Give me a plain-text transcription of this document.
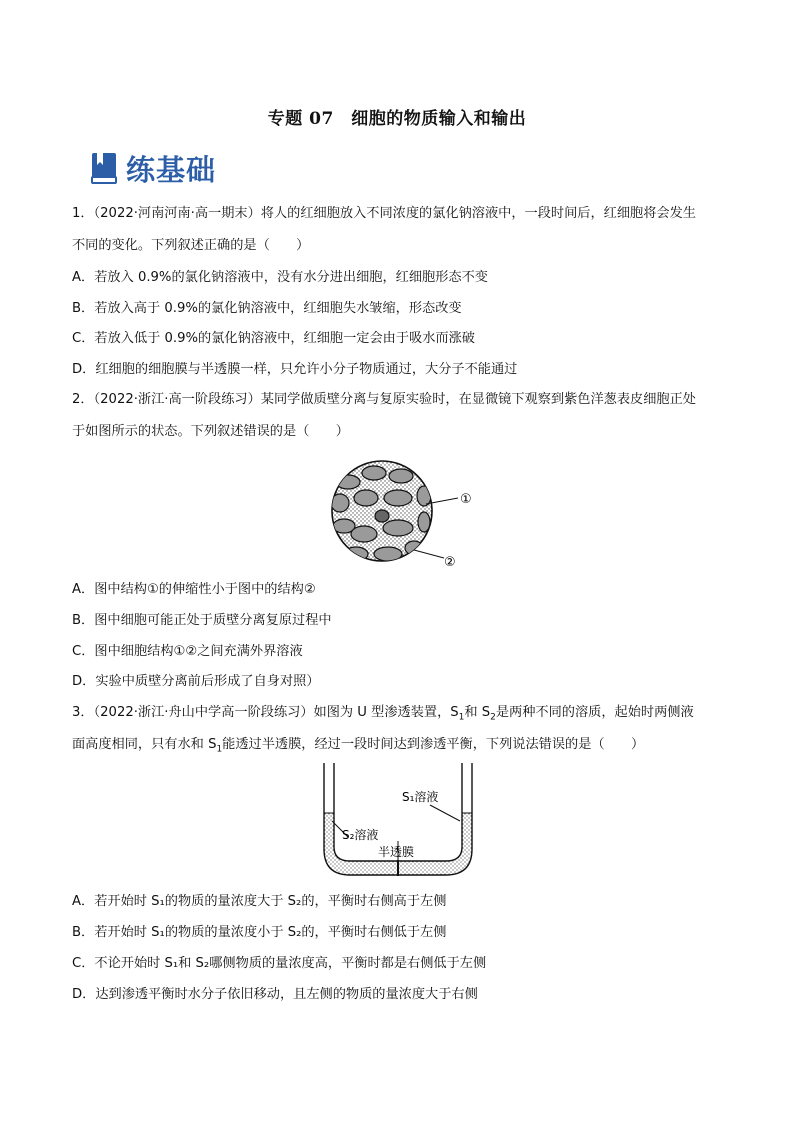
专题 07　细胞的物质输入和输出
练基础
1．（2022·河南河南·高一期末）将人的红细胞放入不同浓度的氯化钠溶液中，一段时间后，红细胞将会发生
不同的变化。下列叙述正确的是（　　）
A．若放入 0.9%的氯化钠溶液中，没有水分进出细胞，红细胞形态不变
B．若放入高于 0.9%的氯化钠溶液中，红细胞失水皱缩，形态改变
C．若放入低于 0.9%的氯化钠溶液中，红细胞一定会由于吸水而涨破
D．红细胞的细胞膜与半透膜一样，只允许小分子物质通过，大分子不能通过
2．（2022·浙江·高一阶段练习）某同学做质壁分离与复原实验时，在显微镜下观察到紫色洋葱表皮细胞正处
于如图所示的状态。下列叙述错误的是（　　）
①
②
A．图中结构①的伸缩性小于图中的结构②
B．图中细胞可能正处于质壁分离复原过程中
C．图中细胞结构①②之间充满外界溶液
D．实验中质壁分离前后形成了自身对照）
3．（2022·浙江·舟山中学高一阶段练习）如图为 U 型渗透装置，$S_1$和 $S_2$是两种不同的溶质，起始时两侧液
面高度相同，只有水和 $S_1$能透过半透膜，经过一段时间达到渗透平衡，下列说法错误的是（　　）
S₂溶液
S₁溶液
半透膜
A．若开始时 S₁的物质的量浓度大于 S₂的，平衡时右侧高于左侧
B．若开始时 S₁的物质的量浓度小于 S₂的，平衡时右侧低于左侧
C．不论开始时 S₁和 S₂哪侧物质的量浓度高，平衡时都是右侧低于左侧
D．达到渗透平衡时水分子依旧移动，且左侧的物质的量浓度大于右侧
